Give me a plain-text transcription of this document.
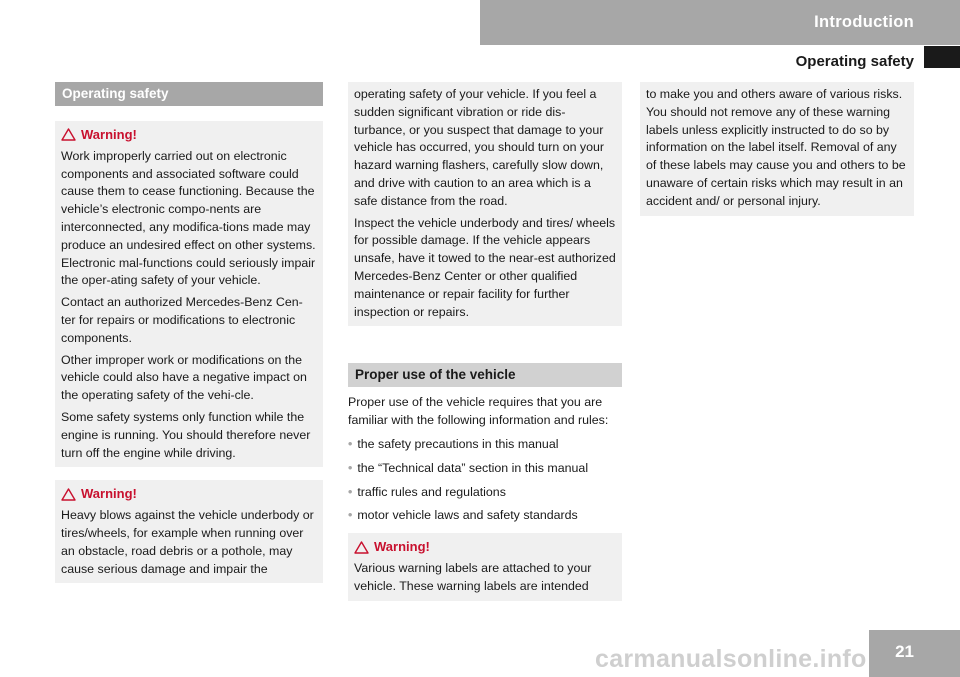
Introduction
Operating safety
Operating safety
Warning!

Work improperly carried out on electronic components and associated software could cause them to cease functioning. Because the vehicle’s electronic compo-nents are interconnected, any modifica-tions made may produce an undesired effect on other systems. Electronic mal-functions could seriously impair the oper-ating safety of your vehicle.

Contact an authorized Mercedes-Benz Cen-ter for repairs or modifications to electronic components.

Other improper work or modifications on the vehicle could also have a negative impact on the operating safety of the vehi-cle.

Some safety systems only function while the engine is running. You should therefore never turn off the engine while driving.

Warning!

Heavy blows against the vehicle underbody or tires/wheels, for example when running over an obstacle, road debris or a pothole, may cause serious damage and impair the

operating safety of your vehicle. If you feel a sudden significant vibration or ride dis-turbance, or you suspect that damage to your vehicle has occurred, you should turn on your hazard warning flashers, carefully slow down, and drive with caution to an area which is a safe distance from the road.

Inspect the vehicle underbody and tires/ wheels for possible damage. If the vehicle appears unsafe, have it towed to the near-est authorized Mercedes-Benz Center or other qualified maintenance or repair facility for further inspection or repairs.

Proper use of the vehicle

Proper use of the vehicle requires that you are familiar with the following information and rules:

• the safety precautions in this manual
• the “Technical data” section in this manual
• traffic rules and regulations
• motor vehicle laws and safety standards
Warning!

Various warning labels are attached to your vehicle. These warning labels are intended

to make you and others aware of various risks. You should not remove any of these warning labels unless explicitly instructed to do so by information on the label itself. Removal of any of these labels may cause you and others to be unaware of certain risks which may result in an accident and/ or personal injury.

21
carmanualsonline.info
